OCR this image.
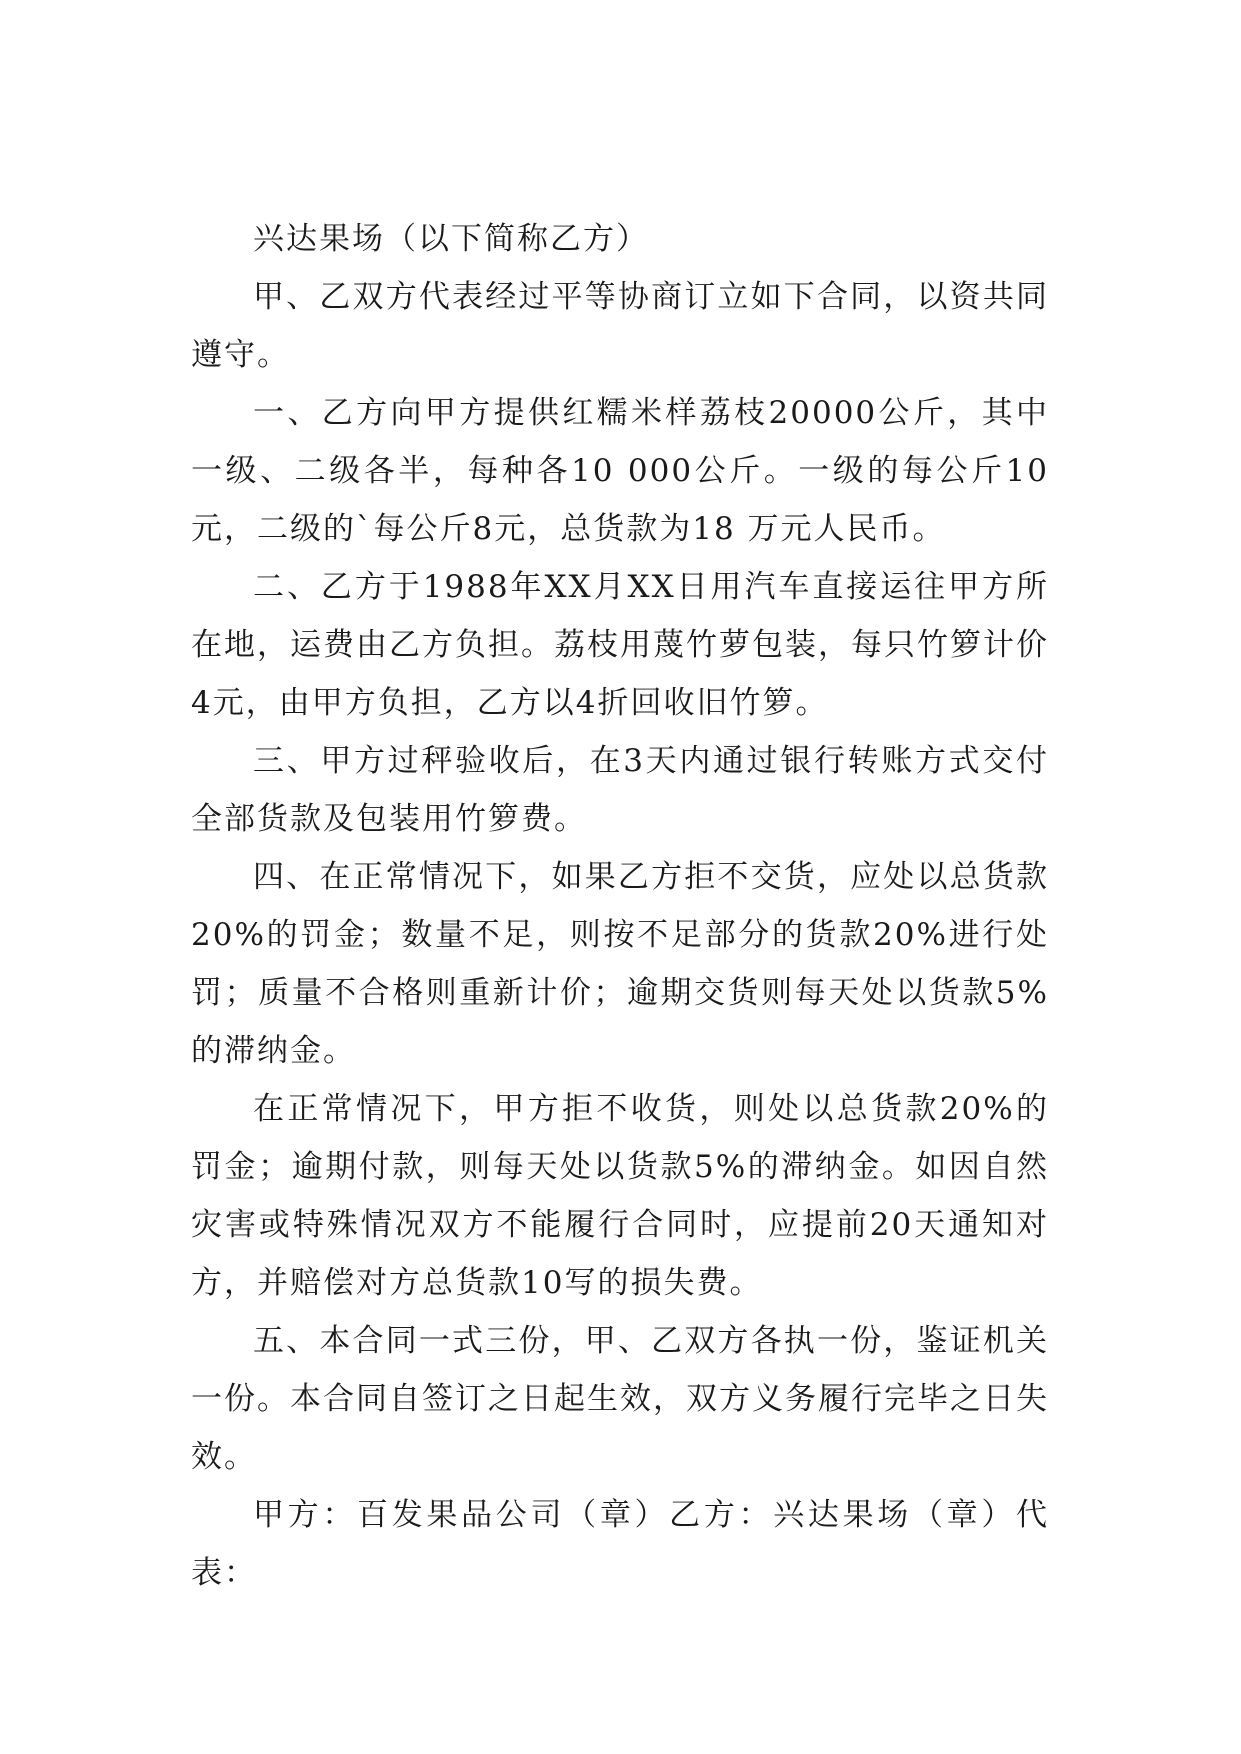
兴达果场（以下简称乙方）

甲、乙双方代表经过平等协商订立如下合同，以资共同遵守。

一、乙方向甲方提供红糯米样荔枝20000公斤，其中一级、二级各半，每种各10 000公斤。一级的每公斤10元，二级的`每公斤8元，总货款为18 万元人民币。

二、乙方于1988年XX月XX日用汽车直接运往甲方所在地，运费由乙方负担。荔枝用蔑竹萝包装，每只竹箩计价4元，由甲方负担，乙方以4折回收旧竹箩。

三、甲方过秤验收后，在3天内通过银行转账方式交付全部货款及包装用竹箩费。

四、在正常情况下，如果乙方拒不交货，应处以总货款20%的罚金；数量不足，则按不足部分的货款20%进行处罚；质量不合格则重新计价；逾期交货则每天处以货款5%的滞纳金。

在正常情况下，甲方拒不收货，则处以总货款20%的罚金；逾期付款，则每天处以货款5%的滞纳金。如因自然灾害或特殊情况双方不能履行合同时，应提前20天通知对方，并赔偿对方总货款10写的损失费。

五、本合同一式三份，甲、乙双方各执一份，鉴证机关一份。本合同自签订之日起生效，双方义务履行完毕之日失效。

甲方：百发果品公司（章）乙方：兴达果场（章）代表：
